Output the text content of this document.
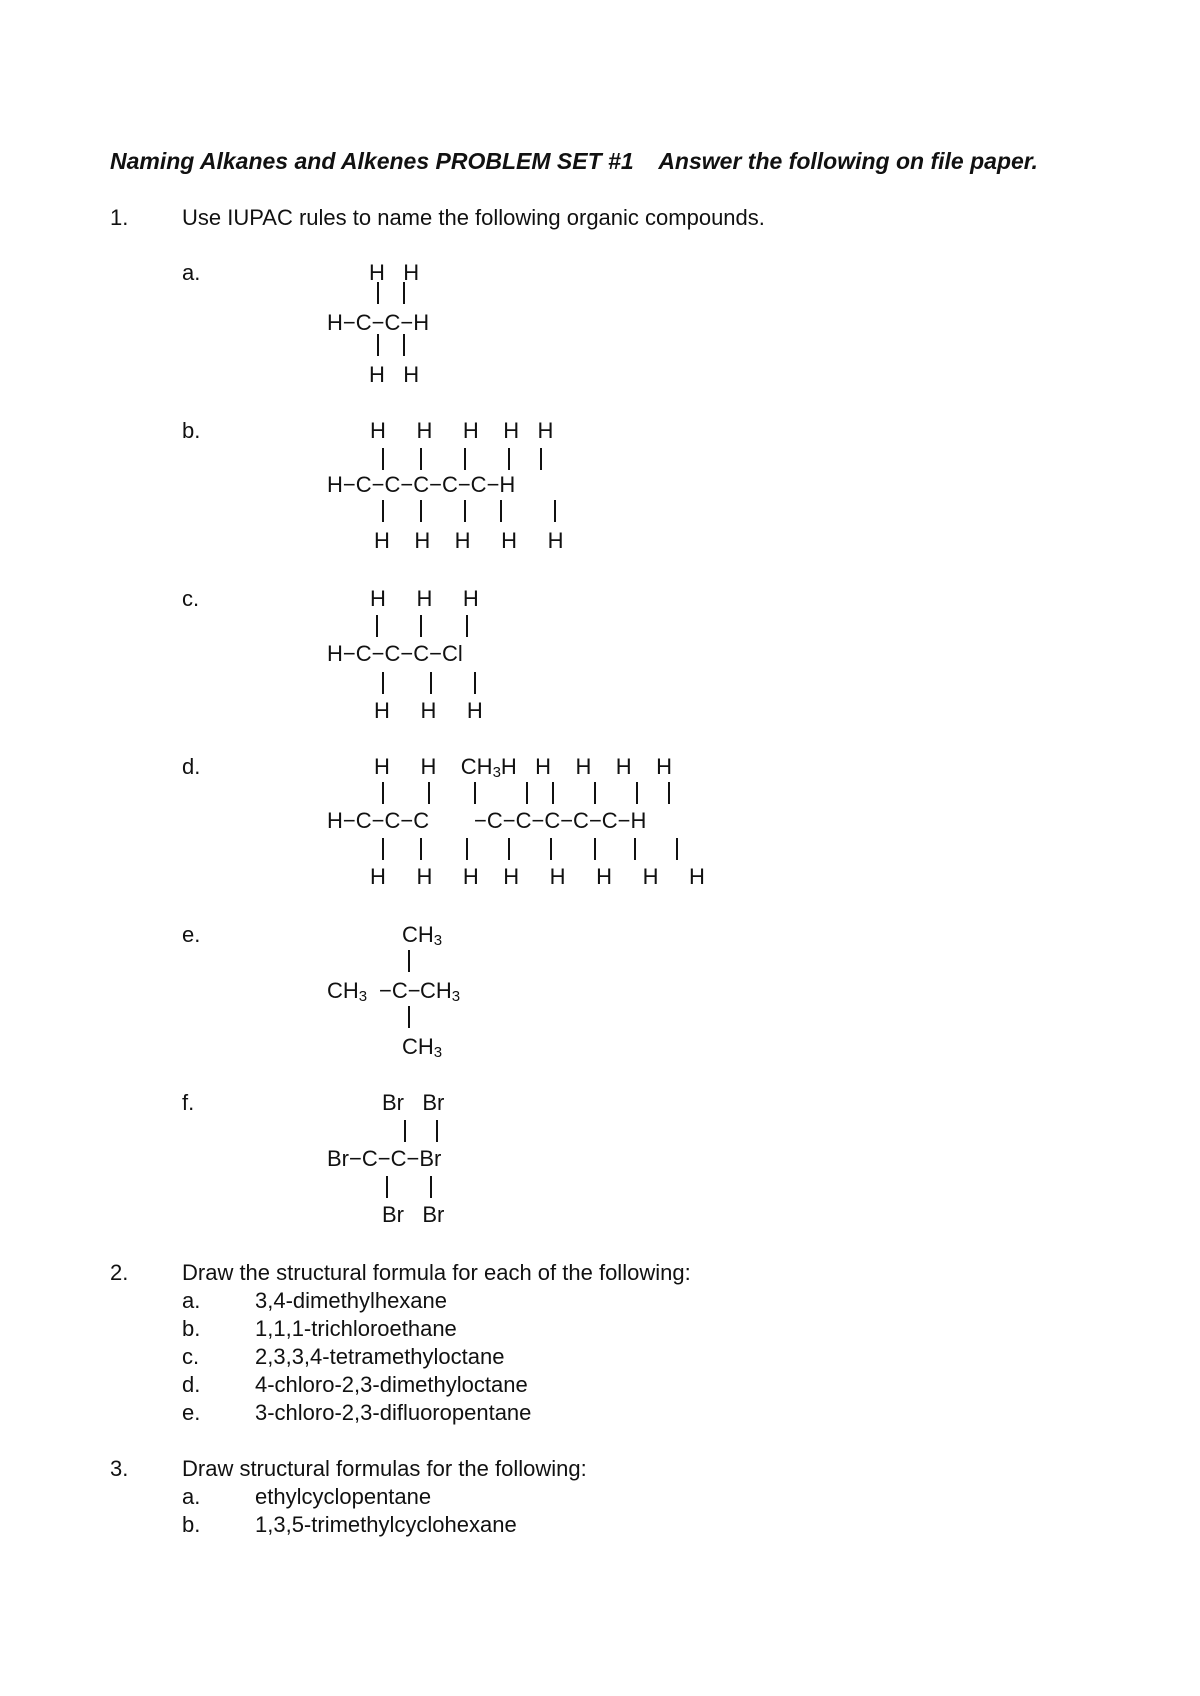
Naming Alkanes and Alkenes PROBLEM SET #1    Answer the following on file paper.
1. Use IUPAC rules to name the following organic compounds.
a.	H   H
H−C−C−H
H   H
b.	H     H     H    H   H
H−C−C−C−C−C−H
H    H    H     H     H
c.	H     H     H
H−C−C−C−Cl
H     H     H
d.	H     H    $CH_3H$   H    H    H    H
H−C−C−C −C−C−C−C−C−H
H     H     H    H     H     H     H     H
e.	$CH_3$
$CH_3 -C- CH_3$
$CH_3$
f.	Br   Br
Br−C−C−Br
Br   Br
2. Draw the structural formula for each of the following:
a. 3,4-dimethylhexane
b. 1,1,1-trichloroethane
c.	2,3,3,4-tetramethyloctane
d. 4-chloro-2,3-dimethyloctane
e. 3-chloro-2,3-difluoropentane
3. Draw structural formulas for the following:
a. ethylcyclopentane
b. 1,3,5-trimethylcyclohexane
